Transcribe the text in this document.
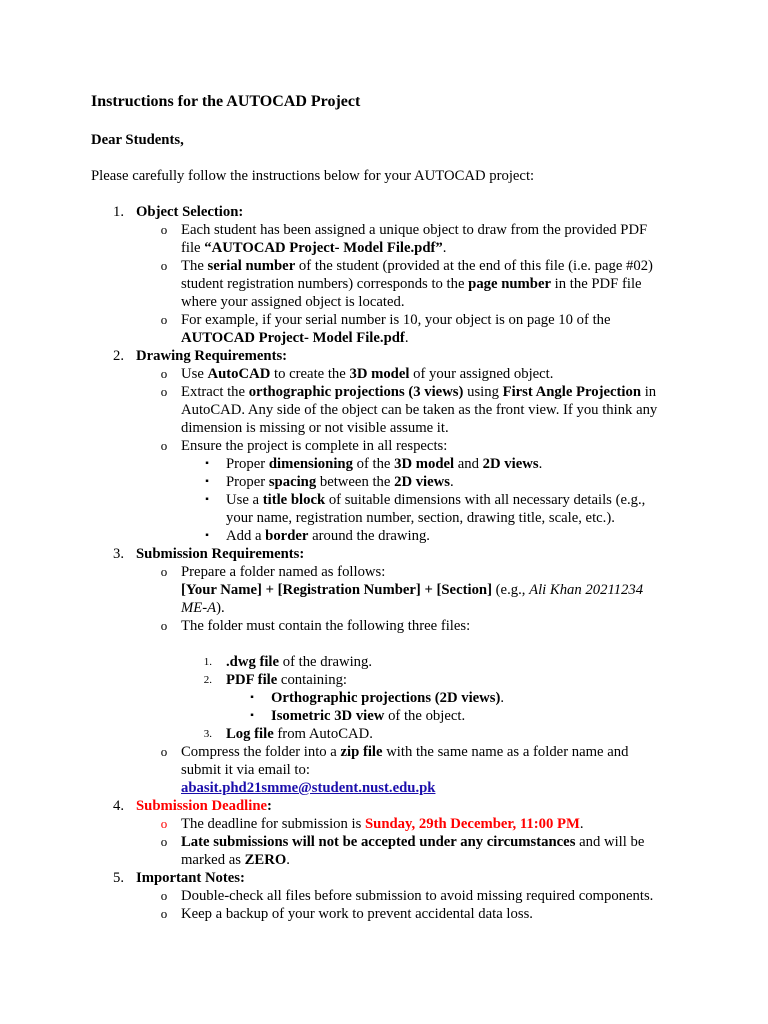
Instructions for the AUTOCAD Project
Dear Students,
Please carefully follow the instructions below for your AUTOCAD project:
1. Object Selection:
o Each student has been assigned a unique object to draw from the provided PDF
file “AUTOCAD Project- Model File.pdf”.
o The serial number of the student (provided at the end of this file (i.e. page #02)
student registration numbers) corresponds to the page number in the PDF file
where your assigned object is located.
o For example, if your serial number is 10, your object is on page 10 of the
AUTOCAD Project- Model File.pdf.
2. Drawing Requirements:
o Use AutoCAD to create the 3D model of your assigned object.
o Extract the orthographic projections (3 views) using First Angle Projection in
AutoCAD. Any side of the object can be taken as the front view. If you think any
dimension is missing or not visible assume it.
o Ensure the project is complete in all respects:
▪ Proper dimensioning of the 3D model and 2D views.
▪ Proper spacing between the 2D views.
▪ Use a title block of suitable dimensions with all necessary details (e.g.,
your name, registration number, section, drawing title, scale, etc.).
▪ Add a border around the drawing.
3. Submission Requirements:
o Prepare a folder named as follows:
[Your Name] + [Registration Number] + [Section] (e.g., Ali Khan 20211234
ME-A).
o The folder must contain the following three files:
1. .dwg file of the drawing.
2. PDF file containing:
▪ Orthographic projections (2D views).
▪ Isometric 3D view of the object.
3. Log file from AutoCAD.
o Compress the folder into a zip file with the same name as a folder name and
submit it via email to:
abasit.phd21smme@student.nust.edu.pk
4. Submission Deadline:
o The deadline for submission is Sunday, 29th December, 11:00 PM.
o Late submissions will not be accepted under any circumstances and will be
marked as ZERO.
5. Important Notes:
o Double-check all files before submission to avoid missing required components.
o Keep a backup of your work to prevent accidental data loss.
